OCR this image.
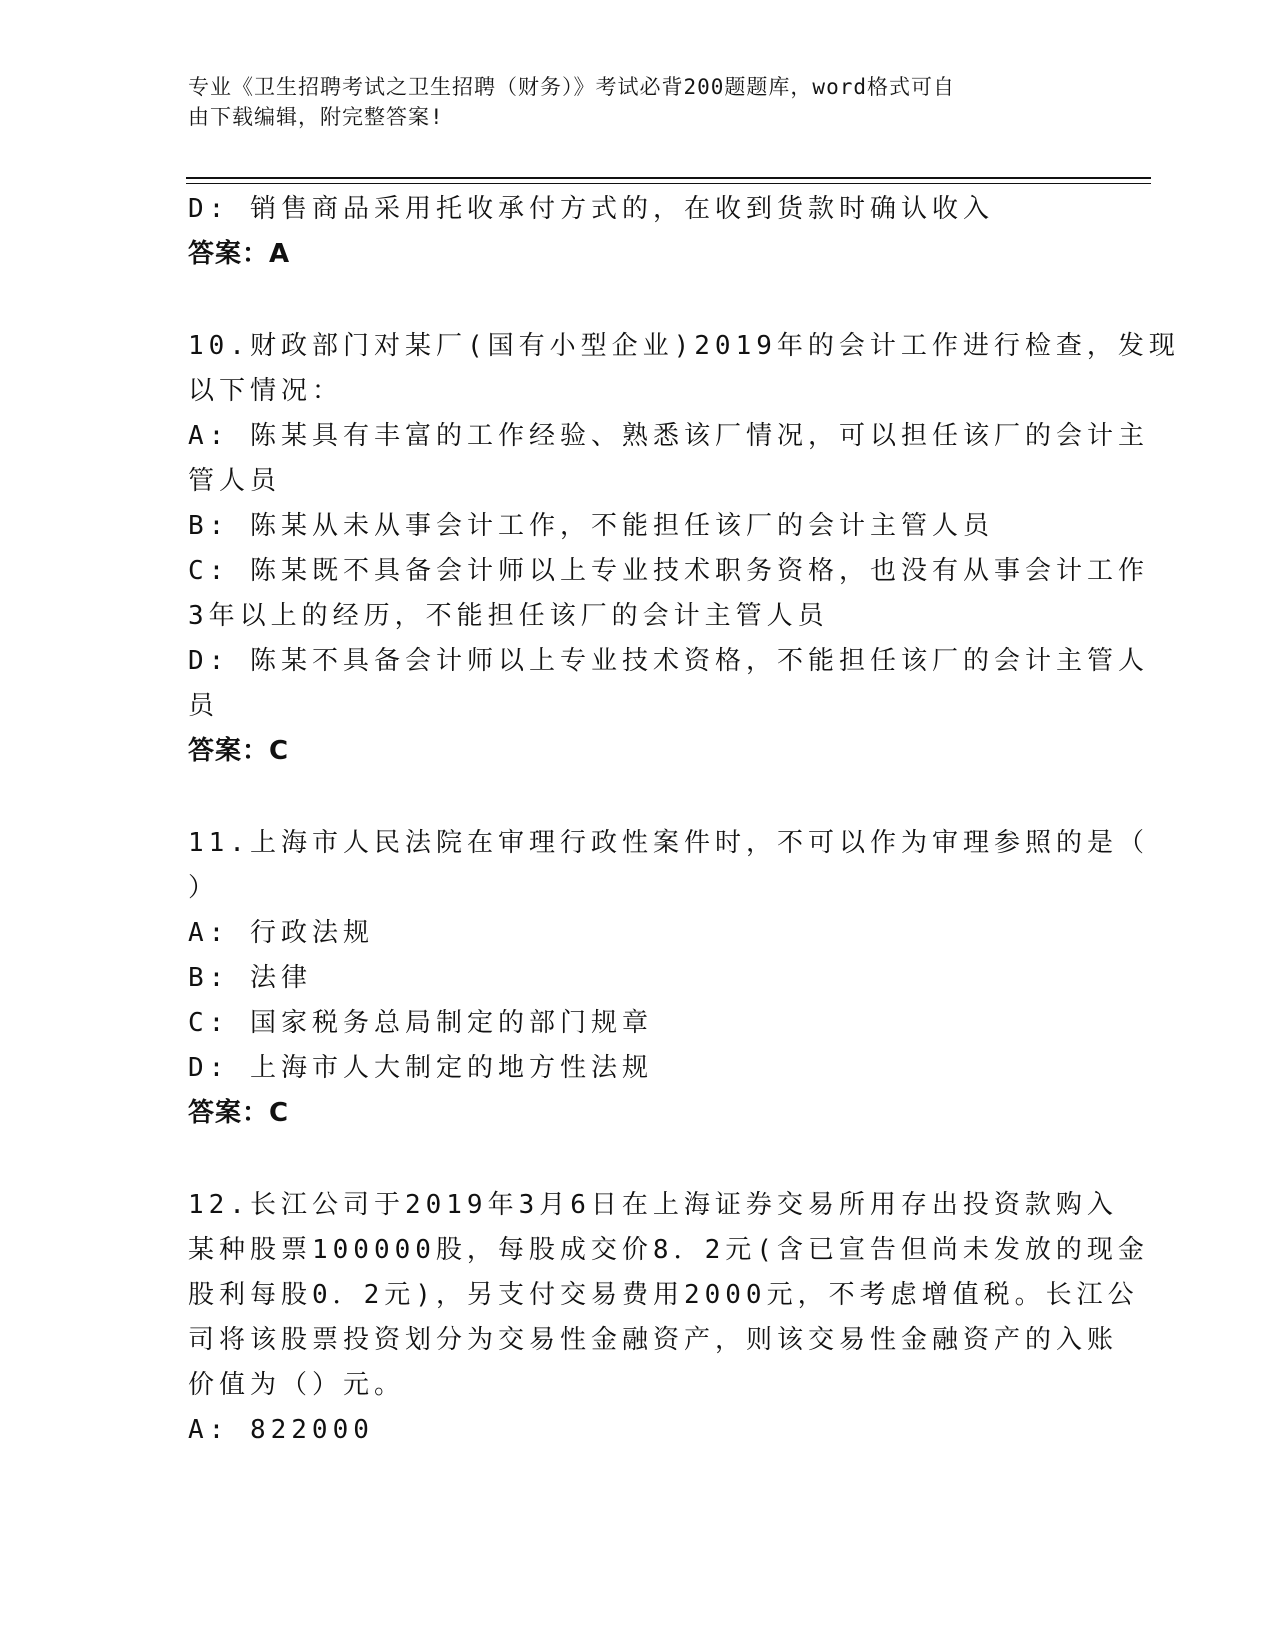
专业《卫生招聘考试之卫生招聘（财务）》考试必背200题题库，word格式可自
由下载编辑，附完整答案!
D: 销售商品采用托收承付方式的，在收到货款时确认收入
答案：A
10.财政部门对某厂(国有小型企业)2019年的会计工作进行检查，发现
以下情况：
A: 陈某具有丰富的工作经验、熟悉该厂情况，可以担任该厂的会计主
管人员
B: 陈某从未从事会计工作，不能担任该厂的会计主管人员
C: 陈某既不具备会计师以上专业技术职务资格，也没有从事会计工作
3年以上的经历，不能担任该厂的会计主管人员
D: 陈某不具备会计师以上专业技术资格，不能担任该厂的会计主管人
员
答案：C
11.上海市人民法院在审理行政性案件时，不可以作为审理参照的是（
）
A: 行政法规
B: 法律
C: 国家税务总局制定的部门规章
D: 上海市人大制定的地方性法规
答案：C
12.长江公司于2019年3月6日在上海证券交易所用存出投资款购入
某种股票100000股，每股成交价8．2元(含已宣告但尚未发放的现金
股利每股0．2元)，另支付交易费用2000元，不考虑增值税。长江公
司将该股票投资划分为交易性金融资产，则该交易性金融资产的入账
价值为（）元。
A: 822000
